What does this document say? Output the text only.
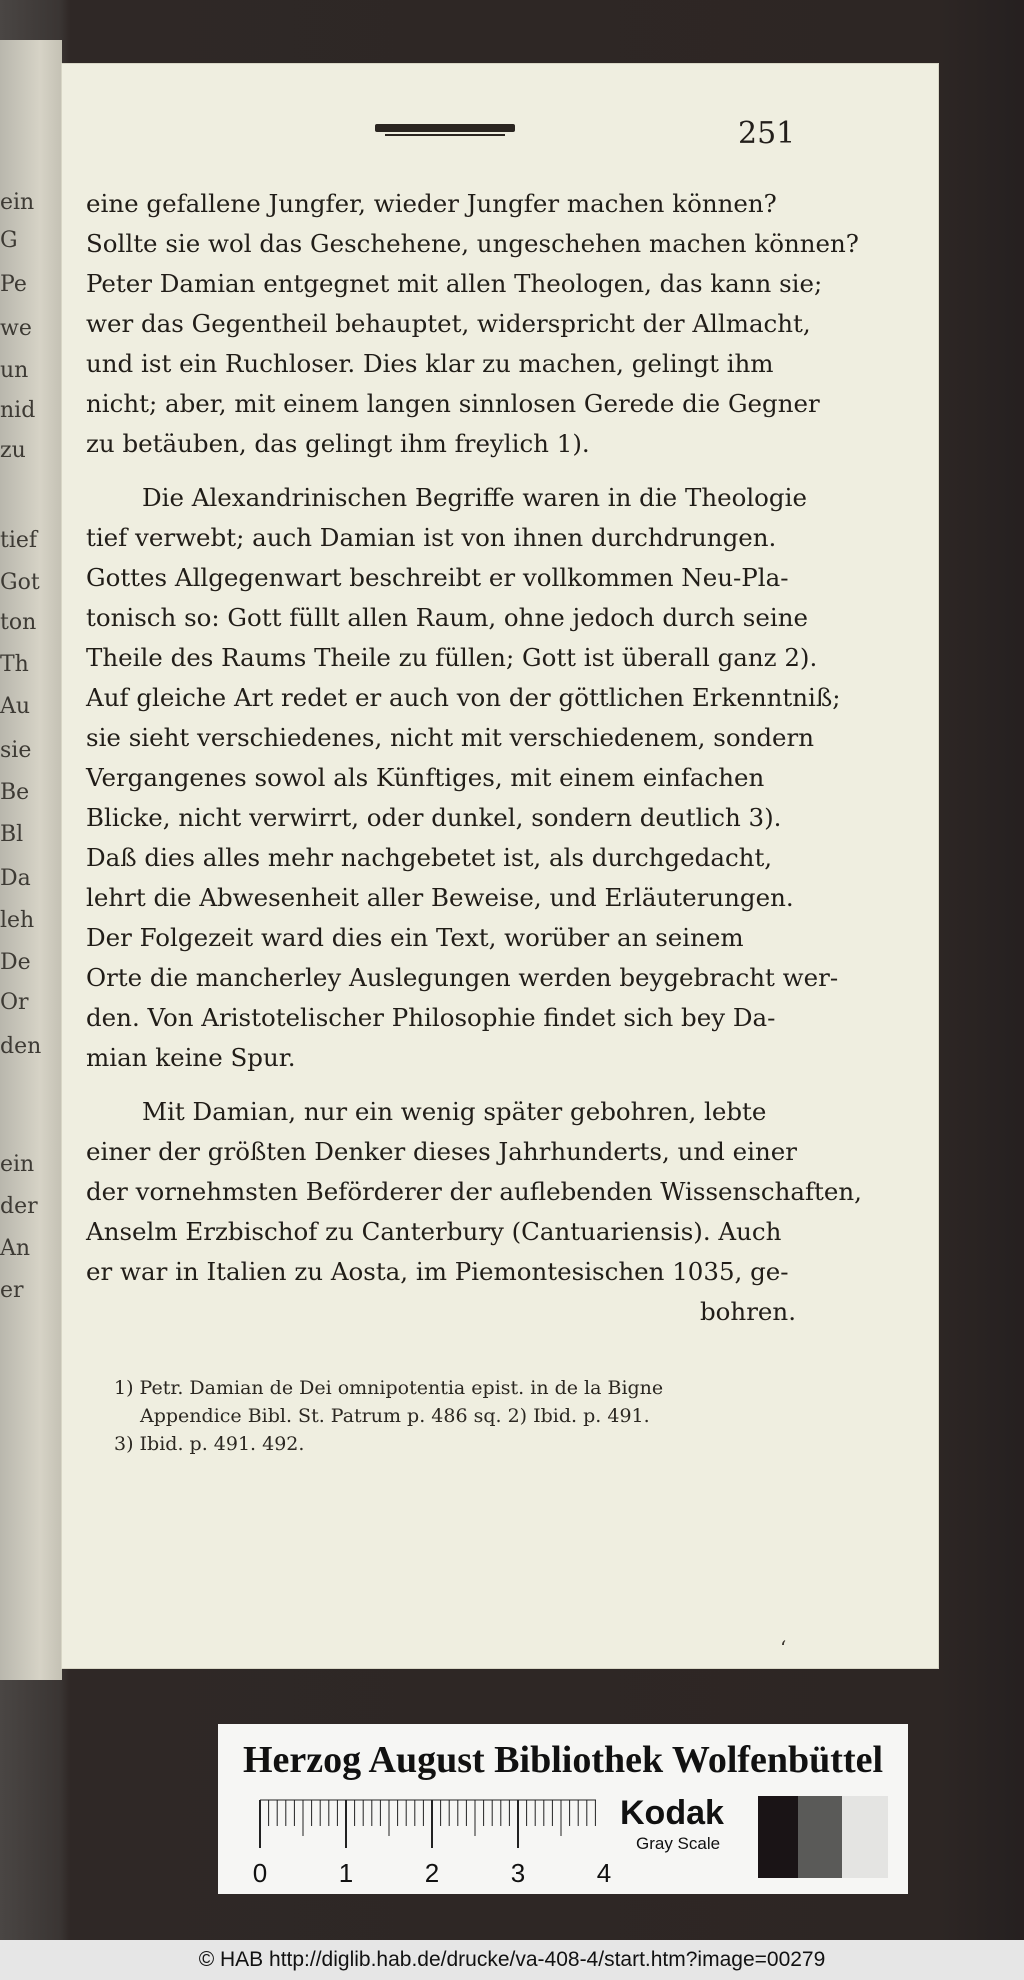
ein
G
Pe
we
un
nid
zu
tief
Got
ton
Th
Au
sie
Be
Bl
Da
leh
De
Or
den
ein
der
An
er
251
eine gefallene Jungfer, wieder Jungfer machen können?
Sollte sie wol das Geschehene, ungeschehen machen können?
Peter Damian entgegnet mit allen Theologen, das kann sie;
wer das Gegentheil behauptet, widerspricht der Allmacht,
und ist ein Ruchloser. Dies klar zu machen, gelingt ihm
nicht; aber, mit einem langen sinnlosen Gerede die Gegner
zu betäuben, das gelingt ihm freylich 1).
Die Alexandrinischen Begriffe waren in die Theologie
tief verwebt; auch Damian ist von ihnen durchdrungen.
Gottes Allgegenwart beschreibt er vollkommen Neu-Pla-
tonisch so: Gott füllt allen Raum, ohne jedoch durch seine
Theile des Raums Theile zu füllen; Gott ist überall ganz 2).
Auf gleiche Art redet er auch von der göttlichen Erkenntniß;
sie sieht verschiedenes, nicht mit verschiedenem, sondern
Vergangenes sowol als Künftiges, mit einem einfachen
Blicke, nicht verwirrt, oder dunkel, sondern deutlich 3).
Daß dies alles mehr nachgebetet ist, als durchgedacht,
lehrt die Abwesenheit aller Beweise, und Erläuterungen.
Der Folgezeit ward dies ein Text, worüber an seinem
Orte die mancherley Auslegungen werden beygebracht wer-
den. Von Aristotelischer Philosophie findet sich bey Da-
mian keine Spur.
Mit Damian, nur ein wenig später gebohren, lebte
einer der größten Denker dieses Jahrhunderts, und einer
der vornehmsten Beförderer der auflebenden Wissenschaften,
Anselm Erzbischof zu Canterbury (Cantuariensis). Auch
er war in Italien zu Aosta, im Piemontesischen 1035, ge-
bohren.
1) Petr. Damian de Dei omnipotentia epist. in de la Bigne
Appendice Bibl. St. Patrum p. 486 sq. 2) Ibid. p. 491.
3) Ibid. p. 491. 492.
ʻ
Herzog August Bibliothek Wolfenbüttel
0	1	2	3	4
Kodak
Gray Scale
© HAB http://diglib.hab.de/drucke/va-408-4/start.htm?image=00279
